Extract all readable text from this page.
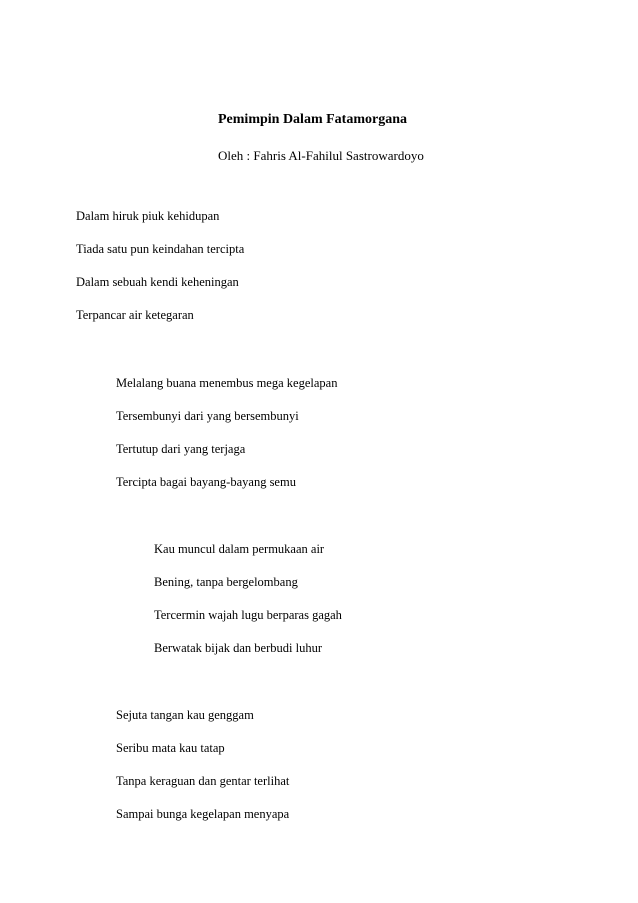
Pemimpin Dalam Fatamorgana
Oleh : Fahris Al-Fahilul Sastrowardoyo
Dalam hiruk piuk kehidupan
Tiada satu pun keindahan tercipta
Dalam sebuah kendi keheningan
Terpancar air ketegaran
Melalang buana menembus mega kegelapan
Tersembunyi dari yang bersembunyi
Tertutup dari yang terjaga
Tercipta bagai bayang-bayang semu
Kau muncul dalam permukaan air
Bening, tanpa bergelombang
Tercermin wajah lugu berparas gagah
Berwatak bijak dan berbudi luhur
Sejuta tangan kau genggam
Seribu mata kau tatap
Tanpa keraguan dan gentar terlihat
Sampai bunga kegelapan menyapa
